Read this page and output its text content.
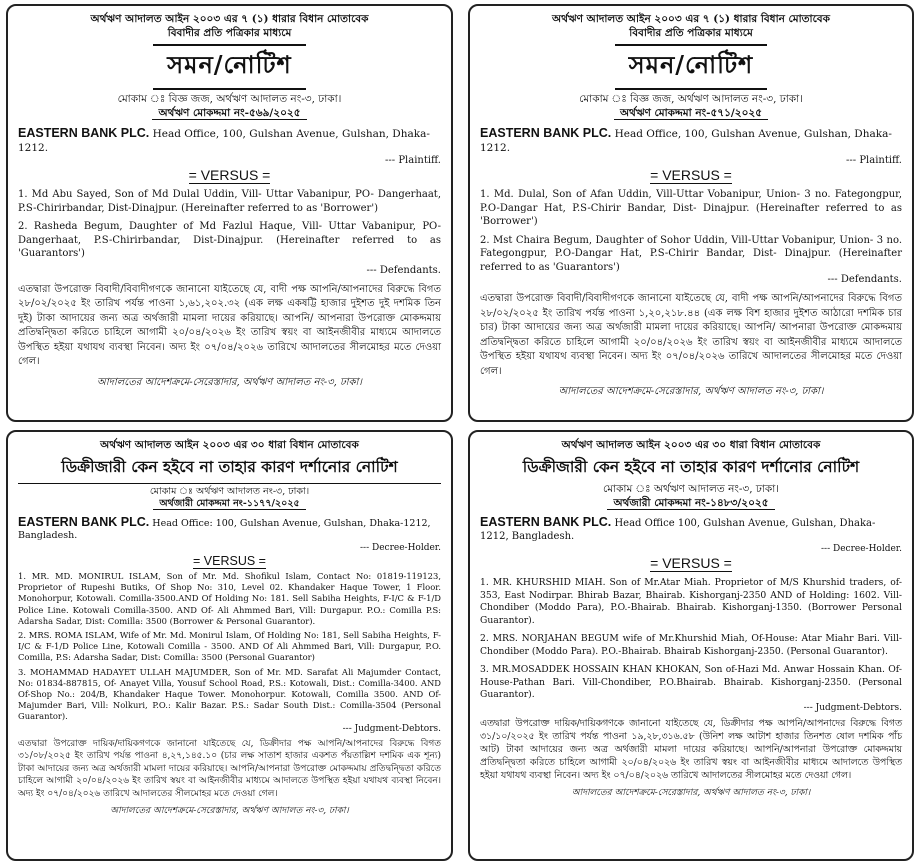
অর্থঋণ আদালত আইন ২০০৩ এর ৭ (১) ধারার বিধান মোতাবেক
বিবাদীর প্রতি পত্রিকার মাধ্যমে
সমন/নোটিশ
মোকাম ঃ বিজ্ঞ জজ, অর্থঋণ আদালত নং-৩, ঢাকা।
অর্থঋণ মোকদ্দমা নং-৫৬৯/২০২৫
EASTERN BANK PLC. Head Office, 100, Gulshan Avenue, Gulshan, Dhaka-1212.
--- Plaintiff.
= VERSUS =
1. Md Abu Sayed, Son of Md Dulal Uddin, Vill- Uttar Vabanipur, PO- Dangerhaat, P.S-Chirirbandar, Dist-Dinajpur. (Hereinafter referred to as 'Borrower')
2. Rasheda Begum, Daughter of Md Fazlul Haque, Vill- Uttar Vabanipur, PO- Dangerhaat, P.S-Chirirbandar, Dist-Dinajpur. (Hereinafter referred to as 'Guarantors')
--- Defendants.
এতদ্বারা উপরোক্ত বিবাদী/বিবাদীগণকে জানানো যাইতেছে যে, বাদী পক্ষ আপনি/আপনাদের বিরুদ্ধে বিগত ২৮/০২/২০২৫ ইং তারিখ পর্যন্ত পাওনা ১,৬১,২০২.৩২ (এক লক্ষ একষট্টি হাজার দুইশত দুই দশমিক তিন দুই) টাকা আদায়ের জন্য অত্র অর্থজারী মামলা দায়ের করিয়াছে। আপনি/ আপনারা উপরোক্ত মোকদ্দমায় প্রতিদ্বন্দ্বিতা করিতে চাহিলে আগামী ২০/০৪/২০২৬ ইং তারিখ স্বয়ং বা আইনজীবীর মাধ্যমে আদালতে উপস্থিত হইয়া যথাযথ ব্যবস্থা নিবেন। অদ্য ইং ০৭/০৪/২০২৬ তারিখে আদালতের সীলমোহর মতে দেওয়া গেল।
আদালতের আদেশক্রমে-সেরেস্তাদার, অর্থঋণ আদালত নং-৩, ঢাকা।
অর্থঋণ আদালত আইন ২০০৩ এর ৭ (১) ধারার বিধান মোতাবেক
বিবাদীর প্রতি পত্রিকার মাধ্যমে
সমন/নোটিশ
মোকাম ঃ বিজ্ঞ জজ, অর্থঋণ আদালত নং-৩, ঢাকা।
অর্থঋণ মোকদ্দমা নং-৫৭১/২০২৫
EASTERN BANK PLC. Head Office, 100, Gulshan Avenue, Gulshan, Dhaka-1212.
--- Plaintiff.
= VERSUS =
1. Md. Dulal, Son of Afan Uddin, Vill-Uttar Vobanipur, Union- 3 no. Fategongpur, P.O-Dangar Hat, P.S-Chirir Bandar, Dist- Dinajpur. (Hereinafter referred to as 'Borrower')
2. Mst Chaira Begum, Daughter of Sohor Uddin, Vill-Uttar Vobanipur, Union- 3 no. Fategongpur, P.O-Dangar Hat, P.S-Chirir Bandar, Dist- Dinajpur. (Hereinafter referred to as 'Guarantors')
--- Defendants.
এতদ্বারা উপরোক্ত বিবাদী/বিবাদীগণকে জানানো যাইতেছে যে, বাদী পক্ষ আপনি/আপনাদের বিরুদ্ধে বিগত ২৮/০২/২০২৫ ইং তারিখ পর্যন্ত পাওনা ১,২০,২১৮.৪৪ (এক লক্ষ বিশ হাজার দুইশত আঠারো দশমিক চার চার) টাকা আদায়ের জন্য অত্র অর্থজারী মামলা দায়ের করিয়াছে। আপনি/ আপনারা উপরোক্ত মোকদ্দমায় প্রতিদ্বন্দ্বিতা করিতে চাহিলে আগামী ২০/০৪/২০২৬ ইং তারিখ স্বয়ং বা আইনজীবীর মাধ্যমে আদালতে উপস্থিত হইয়া যথাযথ ব্যবস্থা নিবেন। অদ্য ইং ০৭/০৪/২০২৬ তারিখে আদালতের সীলমোহর মতে দেওয়া গেল।
আদালতের আদেশক্রমে-সেরেস্তাদার, অর্থঋণ আদালত নং-৩, ঢাকা।
অর্থঋণ আদালত আইন ২০০৩ এর ৩০ ধারা বিধান মোতাবেক
ডিক্রীজারী কেন হইবে না তাহার কারণ দর্শানোর নোটিশ
মোকাম ঃ অর্থঋণ আদালত নং-৩, ঢাকা।
অর্থজারী মোকদ্দমা নং-১১৭৭/২০২৫
EASTERN BANK PLC. Head Office: 100, Gulshan Avenue, Gulshan, Dhaka-1212, Bangladesh.
--- Decree-Holder.
= VERSUS =
1. MR. MD. MONIRUL ISLAM, Son of Mr. Md. Shofikul Islam, Contact No: 01819-119123, Proprietor of Rupeshi Butiks, Of Shop No: 310, Level 02. Khandaker Haque Tower, 1 Floor. Monohorpur, Kotowali. Comilla-3500.AND Of Holding No: 181. Sell Sabiha Heights, F-I/C & F-1/D Police Line. Kotowali Comilla-3500. AND Of- Ali Ahmmed Bari, Vill: Durgapur. P.O.: Comilla P.S: Adarsha Sadar, Dist: Comilla: 3500 (Borrower & Personal Guarantor).
2. MRS. ROMA ISLAM, Wife of Mr. Md. Monirul Islam, Of Holding No: 181, Sell Sabiha Heights, F-I/C & F-1/D Police Line, Kotowali Comilla - 3500. AND Of Ali Ahmmed Bari, Vill: Durgapur, P.O. Comilla, P.S: Adarsha Sadar, Dist: Comilla: 3500 (Personal Guarantor)
3. MOHAMMAD HADAYET ULLAH MAJUMDER, Son of Mr. MD. Sarafat Ali Majumder Contact, No: 01834-887815, Of- Anayet Villa, Yousuf School Road, P.S.: Kotowali, Dist.: Comilla-3400. AND Of-Shop No.: 204/B, Khandaker Haque Tower. Monohorpur. Kotowali, Comilla 3500. AND Of- Majumder Bari, Vill: Nolkuri, P.O.: Kalir Bazar. P.S.: Sadar South Dist.: Comilla-3504 (Personal Guarantor).
--- Judgment-Debtors.
এতদ্বারা উপরোক্ত দায়িক/দায়িকগণকে জানানো যাইতেছে যে, ডিক্রীদার পক্ষ আপনি/আপনাদের বিরুদ্ধে বিগত ৩১/০৮/২০২৫ ইং তারিখ পর্যন্ত পাওনা ৪,২৭,১৪৫.১০ (চার লক্ষ সাতাশ হাজার একশত পঁয়তাল্লিশ দশমিক এক শূন্য) টাকা আদায়ের জন্য অত্র অর্থজারী মামলা দায়ের করিয়াছে। আপনি/আপনারা উপরোক্ত মোকদ্দমায় প্রতিদ্বন্দ্বিতা করিতে চাহিলে আগামী ২০/০৪/২০২৬ ইং তারিখ স্বয়ং বা আইনজীবীর মাধ্যমে আদালতে উপস্থিত হইয়া যথাযথ ব্যবস্থা নিবেন। অদ্য ইং ০৭/০৪/২০২৬ তারিখে আদালতের সীলমোহর মতে দেওয়া গেল।
আদালতের আদেশক্রমে-সেরেস্তাদার, অর্থঋণ আদালত নং-৩, ঢাকা।
অর্থঋণ আদালত আইন ২০০৩ এর ৩০ ধারা বিধান মোতাবেক
ডিক্রীজারী কেন হইবে না তাহার কারণ দর্শানোর নোটিশ
মোকাম ঃ অর্থঋণ আদালত নং-৩, ঢাকা।
অর্থজারী মোকদ্দমা নং-১৪৮৩/২০২৫
EASTERN BANK PLC. Head Office 100, Gulshan Avenue, Gulshan, Dhaka-1212, Bangladesh.
--- Decree-Holder.
= VERSUS =
1. MR. KHURSHID MIAH. Son of Mr.Atar Miah. Proprietor of M/S Khurshid traders, of-353, East Nodirpar. Bhirab Bazar, Bhairab. Kishorganj-2350 AND of Holding: 1602. Vill-Chondiber (Moddo Para), P.O.-Bhairab. Bhairab. Kishorganj-1350. (Borrower Personal Guarantor).
2. MRS. NORJAHAN BEGUM wife of Mr.Khurshid Miah, Of-House: Atar Miahr Bari. Vill-Chondiber (Moddo Para). P.O.-Bhairab. Bhairab Kishorganj-2350. (Personal Guarantor).
3. MR.MOSADDEK HOSSAIN KHAN KHOKAN, Son of-Hazi Md. Anwar Hossain Khan. Of-House-Pathan Bari. Vill-Chondiber, P.O.Bhairab. Bhairab. Kishorganj-2350. (Personal Guarantor).
--- Judgment-Debtors.
এতদ্বারা উপরোক্ত দায়িক/দায়িকগণকে জানানো যাইতেছে যে, ডিক্রীদার পক্ষ আপনি/আপনাদের বিরুদ্ধে বিগত ৩১/১০/২০২৫ ইং তারিখ পর্যন্ত পাওনা ১৯,২৮,৩১৬.৫৮ (উনিশ লক্ষ আটাশ হাজার তিনশত ষোল দশমিক পাঁচ আট) টাকা আদায়ের জন্য অত্র অর্থজারী মামলা দায়ের করিয়াছে। আপনি/আপনারা উপরোক্ত মোকদ্দমায় প্রতিদ্বন্দ্বিতা করিতে চাহিলে আগামী ২০/০৪/২০২৬ ইং তারিখ স্বয়ং বা আইনজীবীর মাধ্যমে আদালতে উপস্থিত হইয়া যথাযথ ব্যবস্থা নিবেন। অদ্য ইং ০৭/০৪/২০২৬ তারিখে আদালতের সীলমোহর মতে দেওয়া গেল।
আদালতের আদেশক্রমে-সেরেস্তাদার, অর্থঋণ আদালত নং-৩, ঢাকা।
